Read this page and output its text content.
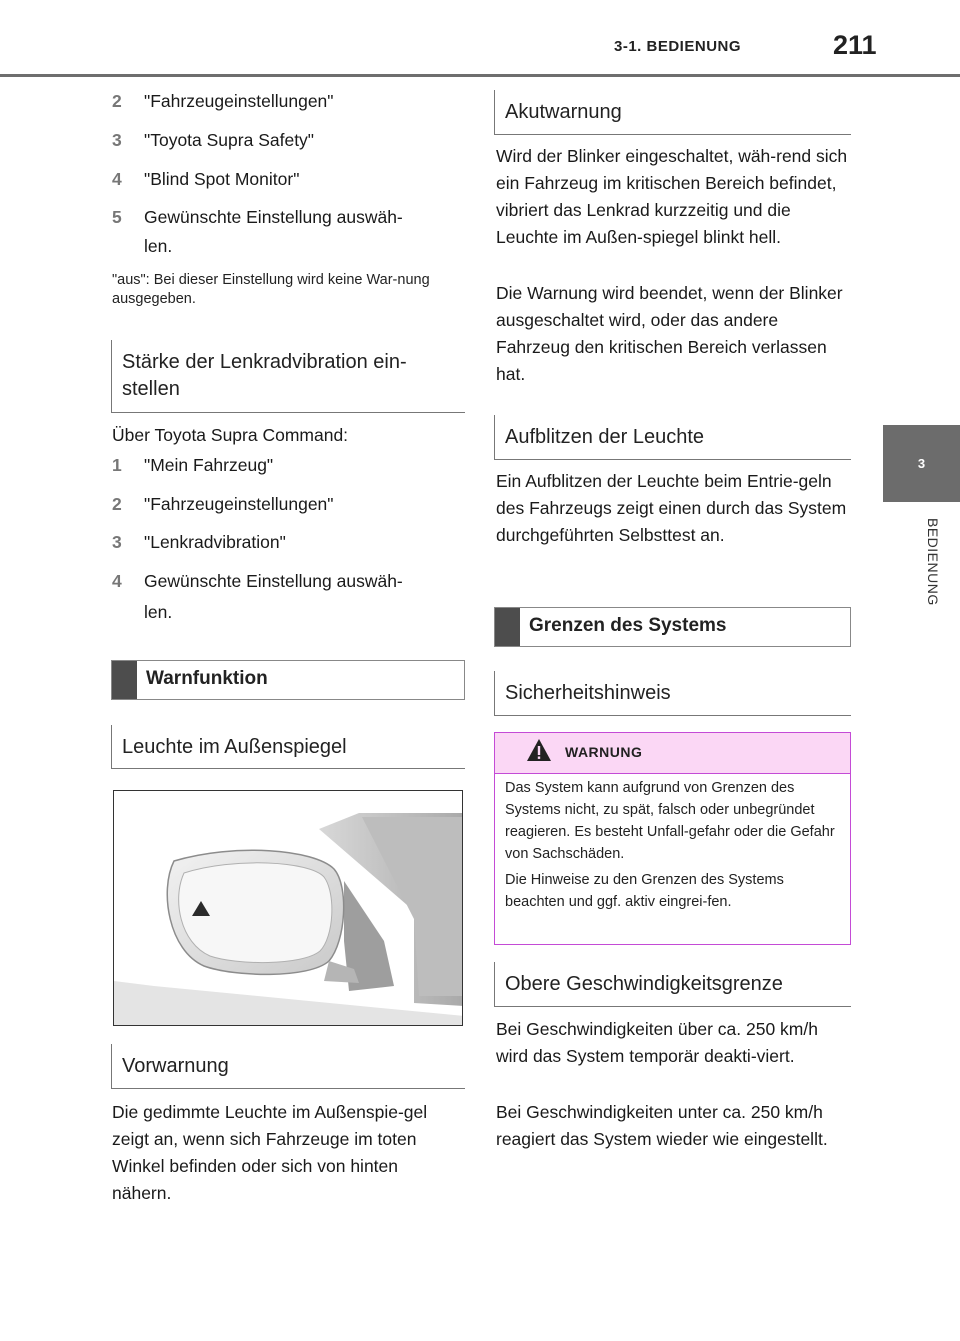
3-1. BEDIENUNG	211
3
BEDIENUNG
2 "Fahrzeugeinstellungen"
3 "Toyota Supra Safety"
4 "Blind Spot Monitor"
5 Gewünschte Einstellung auswäh-
len.
"aus": Bei dieser Einstellung wird keine War-nung ausgegeben.
Stärke der Lenkradvibration ein-stellen
Über Toyota Supra Command:
1 "Mein Fahrzeug"
2 "Fahrzeugeinstellungen"
3 "Lenkradvibration"
4 Gewünschte Einstellung auswäh-
len.
Warnfunktion
Leuchte im Außenspiegel
Vorwarnung
Die gedimmte Leuchte im Außenspie-gel zeigt an, wenn sich Fahrzeuge im toten Winkel befinden oder sich von hinten nähern.
Akutwarnung
Wird der Blinker eingeschaltet, wäh-rend sich ein Fahrzeug im kritischen Bereich befindet, vibriert das Lenkrad kurzzeitig und die Leuchte im Außen-spiegel blinkt hell.
Die Warnung wird beendet, wenn der Blinker ausgeschaltet wird, oder das andere Fahrzeug den kritischen Bereich verlassen hat.
Aufblitzen der Leuchte
Ein Aufblitzen der Leuchte beim Entrie-geln des Fahrzeugs zeigt einen durch das System durchgeführten Selbsttest an.
Grenzen des Systems
Sicherheitshinweis
WARNUNG
Das System kann aufgrund von Grenzen des Systems nicht, zu spät, falsch oder unbegründet reagieren. Es besteht Unfall-gefahr oder die Gefahr von Sachschäden.
Die Hinweise zu den Grenzen des Systems beachten und ggf. aktiv eingrei-fen.
Obere Geschwindigkeitsgrenze
Bei Geschwindigkeiten über ca. 250 km/h wird das System temporär deakti-viert.
Bei Geschwindigkeiten unter ca. 250 km/h reagiert das System wieder wie eingestellt.
